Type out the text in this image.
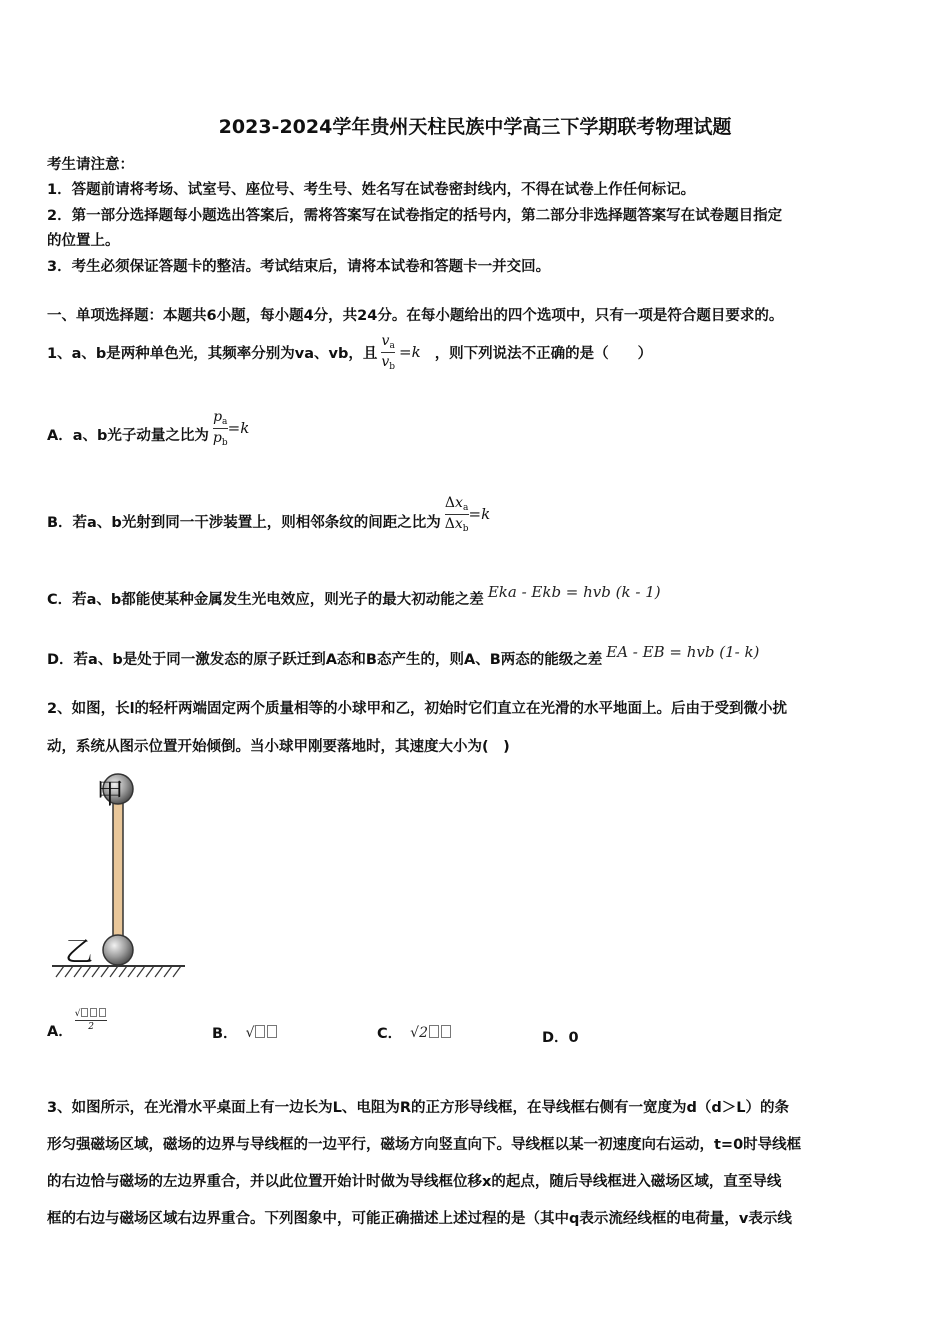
2023-2024学年贵州天柱民族中学高三下学期联考物理试题
考生请注意：
1．答题前请将考场、试室号、座位号、考生号、姓名写在试卷密封线内，不得在试卷上作任何标记。
2．第一部分选择题每小题选出答案后，需将答案写在试卷指定的括号内，第二部分非选择题答案写在试卷题目指定
的位置上。
3．考生必须保证答题卡的整洁。考试结束后，请将本试卷和答题卡一并交回。
一、单项选择题：本题共6小题，每小题4分，共24分。在每小题给出的四个选项中，只有一项是符合题目要求的。
1、a、b是两种单色光，其频率分别为va、vb，且 $\frac{v_a}{v_b} =k$ ，则下列说法不正确的是（　　）
A．a、b光子动量之比为 $\frac{p_a}{p_b} =k$
B．若a、b光射到同一干涉装置上，则相邻条纹的间距之比为 $\frac{\Delta x_a}{\Delta x_b} =k$
C．若a、b都能使某种金属发生光电效应，则光子的最大初动能之差 Eka - Ekb = hvb (k - 1)
D．若a、b是处于同一激发态的原子跃迁到A态和B态产生的，则A、B两态的能级之差 EA - EB = hvb (1- k)
2、如图，长l的轻杆两端固定两个质量相等的小球甲和乙，初始时它们直立在光滑的水平地面上。后由于受到微小扰
动，系统从图示位置开始倾倒。当小球甲刚要落地时，其速度大小为(　)
甲
乙
A． $\frac{√}{2}$
B． √	C． √2	D．0
3、如图所示，在光滑水平桌面上有一边长为L、电阻为R的正方形导线框，在导线框右侧有一宽度为d（d＞L）的条
形匀强磁场区域，磁场的边界与导线框的一边平行，磁场方向竖直向下。导线框以某一初速度向右运动，t=0时导线框
的右边恰与磁场的左边界重合，并以此位置开始计时做为导线框位移x的起点，随后导线框进入磁场区域，直至导线
框的右边与磁场区域右边界重合。下列图象中，可能正确描述上述过程的是（其中q表示流经线框的电荷量，v表示线
